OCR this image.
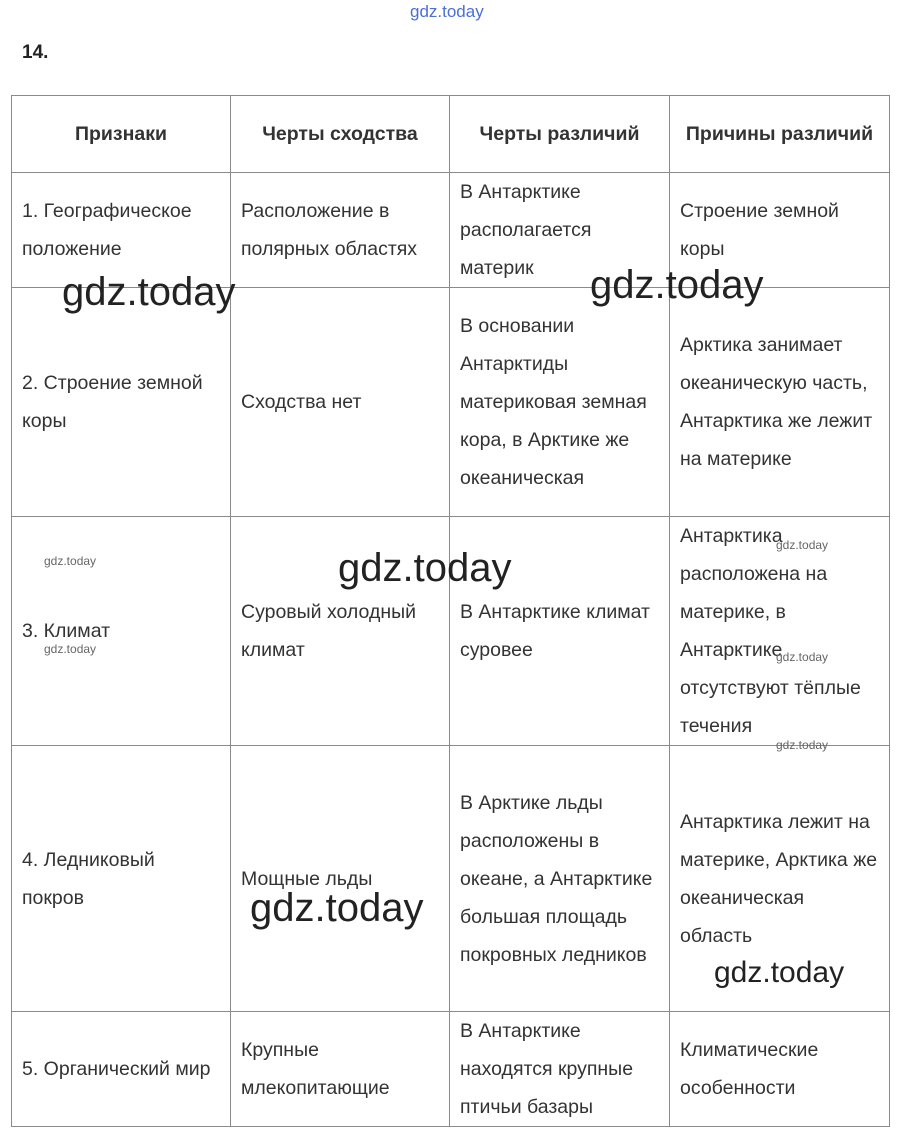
gdz.today
14.
Признаки	Черты сходства	Черты различий	Причины различий
1. Географическое положение	Расположение в полярных областях	В Антарктике располагается материк	Строение земной коры
2. Строение земной коры	Сходства нет	В основании Антарктиды материковая земная кора, в Арктике же океаническая	Арктика занимает океаническую часть, Антарктика же лежит на материке
3. Климат	Суровый холодный климат	В Антарктике климат суровее	Антарктика расположена на материке, в Антарктике отсутствуют тёплые течения
4. Ледниковый покров	Мощные льды	В Арктике льды расположены в океане, а Антарктике большая площадь покровных ледников	Антарктика лежит на материке, Арктика же океаническая область
5. Органический мир	Крупные млекопитающие	В Антарктике находятся крупные птичьи базары	Климатические особенности
gdz.today	gdz.today
gdz.today
gdz.today
gdz.today
gdz.today
gdz.today
gdz.today
gdz.today
gdz.today
